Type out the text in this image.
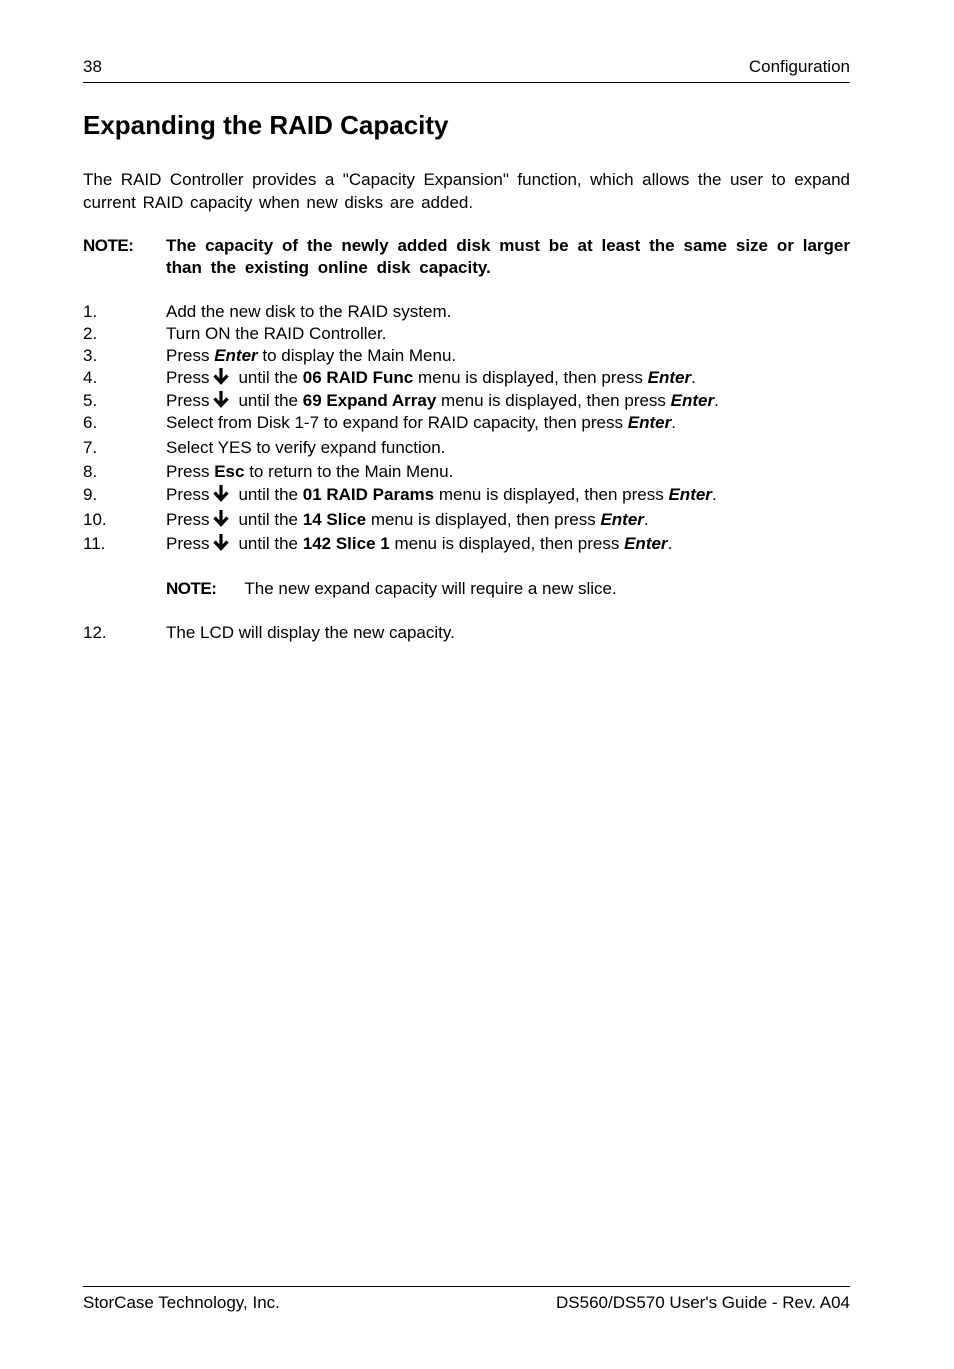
38	Configuration
Expanding the RAID Capacity

The RAID Controller provides a "Capacity Expansion" function, which allows the user to expand current RAID capacity when new disks are added.

NOTE: The capacity of the newly added disk must be at least the same size or larger than the existing online disk capacity.
1.	Add the new disk to the RAID system.
2.	Turn ON the RAID Controller.
3.	Press Enter to display the Main Menu.
4.	Press until the 06 RAID Func menu is displayed, then press Enter.
5.	Press until the 69 Expand Array menu is displayed, then press Enter.
6.	Select from Disk 1-7 to expand for RAID capacity, then press Enter.
7.	Select YES to verify expand function.
8.	Press Esc to return to the Main Menu.
9.	Press until the 01 RAID Params menu is displayed, then press Enter.
10.	Press until the 14 Slice menu is displayed, then press Enter.
11.	Press until the 142 Slice 1 menu is displayed, then press Enter.
NOTE: The new expand capacity will require a new slice.
12.	The LCD will display the new capacity.
StorCase Technology, Inc.	DS560/DS570 User's Guide - Rev. A04
